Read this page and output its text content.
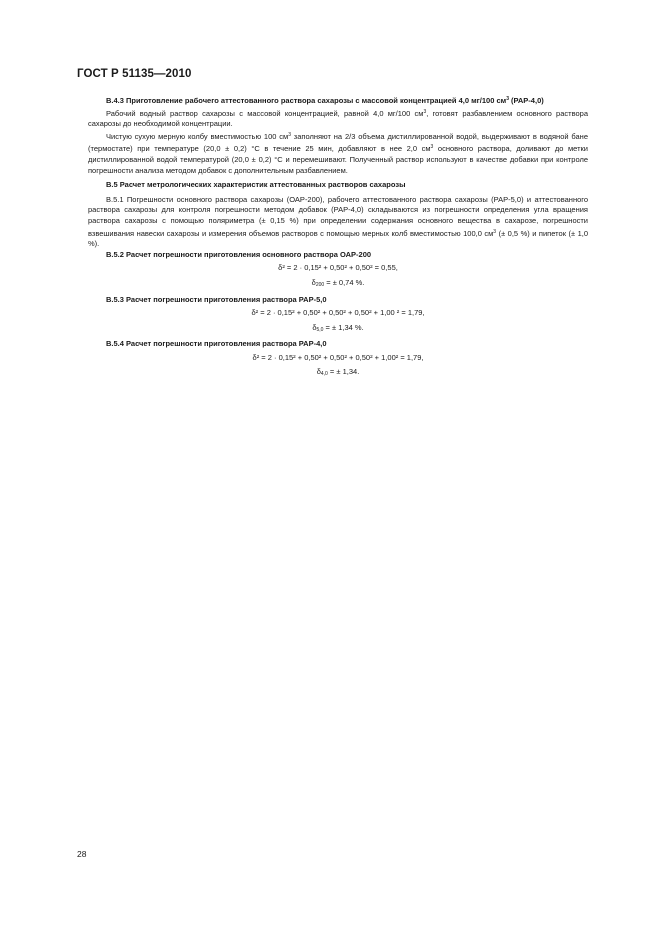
ГОСТ Р 51135—2010

В.4.3 Приготовление рабочего аттестованного раствора сахарозы с массовой концентрацией 4,0 мг/100 $см^3$ (РАР-4,0)

Рабочий водный раствор сахарозы с массовой концентрацией, равной 4,0 мг/100 $см^3$, готовят разбавлением основного раствора сахарозы до необходимой концентрации.

Чистую сухую мерную колбу вместимостью 100 $см^3$ заполняют на 2/3 объема дистиллированной водой, выдерживают в водяной бане (термостате) при температуре (20,0 ± 0,2) °С в течение 25 мин, добавляют в нее 2,0 $см^3$ основного раствора, доливают до метки дистиллированной водой температурой (20,0 ± 0,2) °С и перемешивают. Полученный раствор используют в качестве добавки при контроле погрешности анализа методом добавок с дополнительным разбавлением.

В.5 Расчет метрологических характеристик аттестованных растворов сахарозы

В.5.1 Погрешности основного раствора сахарозы (ОАР-200), рабочего аттестованного раствора сахарозы (РАР-5,0) и аттестованного раствора сахарозы для контроля погрешности методом добавок (РАР-4,0) складываются из погрешности определения угла вращения раствора сахарозы с помощью поляриметра (± 0,15 %) при определении содержания основного вещества в сахарозе, погрешности взвешивания навески сахарозы и измерения объемов растворов с помощью мерных колб вместимостью 100,0 $см^3$ (± 0,5 %) и пипеток (± 1,0 %).

В.5.2 Расчет погрешности приготовления основного раствора ОАР-200

δ² = 2 · 0,15² + 0,50² + 0,50² = 0,55,

$\delta_{200}$ = ± 0,74 %.

В.5.3 Расчет погрешности приготовления раствора РАР-5,0

δ² = 2 · 0,15² + 0,50² + 0,50² + 0,50² + 1,00 ² = 1,79,

$\delta_{5,0}$ = ± 1,34 %.

В.5.4 Расчет погрешности приготовления раствора РАР-4,0

δ² = 2 · 0,15² + 0,50² + 0,50² + 0,50² + 1,00² = 1,79,

$\delta_{4,0}$ = ± 1,34.

28
